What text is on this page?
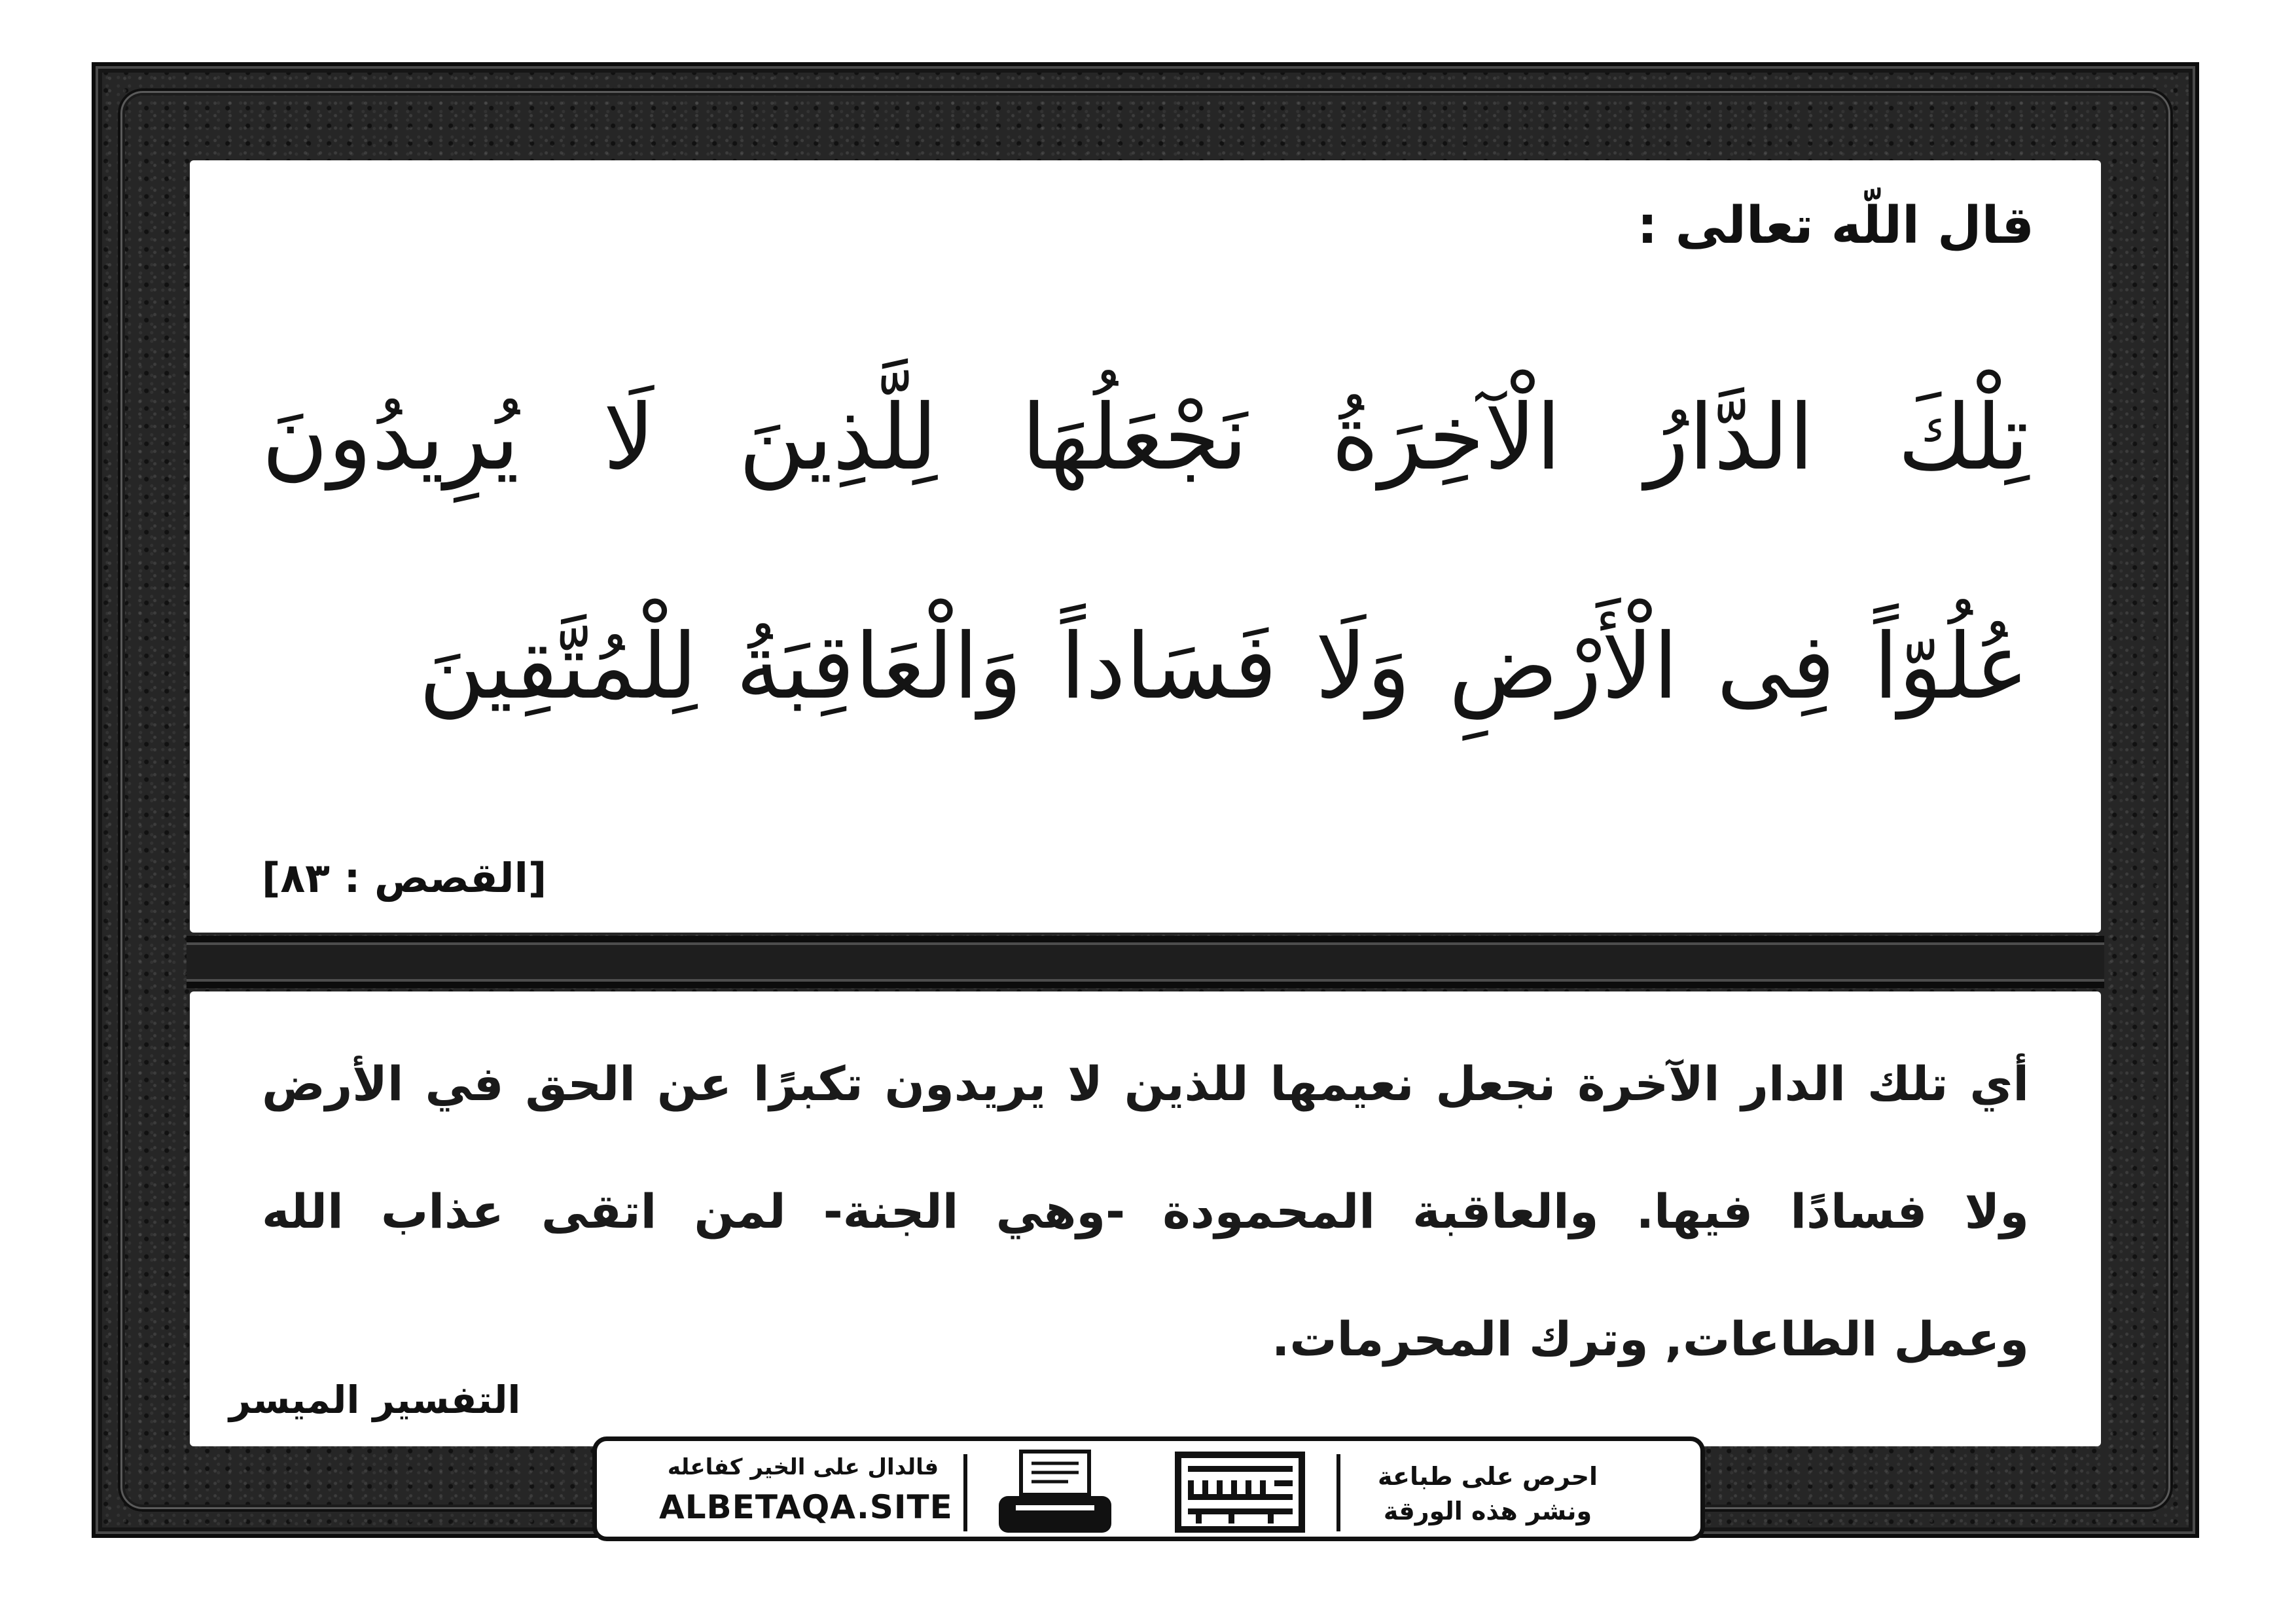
قال اللّه تعالى :

تِلْكَ الدَّارُ الْآخِرَةُ نَجْعَلُهَا لِلَّذِينَ لَا يُرِيدُونَ

عُلُوّاً فِى الْأَرْضِ وَلَا فَسَاداً وَالْعَاقِبَةُ لِلْمُتَّقِينَ

[القصص : ٨٣]

أي تلك الدار الآخرة نجعل نعيمها للذين لا يريدون تكبرًا عن الحق في الأرض

ولا فسادًا فيها. والعاقبة المحمودة -وهي الجنة- لمن اتقى عذاب الله

وعمل الطاعات, وترك المحرمات.

التفسير الميسر

فالدال على الخير كفاعله
ALBETAQA.SITE
احرص على طباعة
ونشر هذه الورقة
